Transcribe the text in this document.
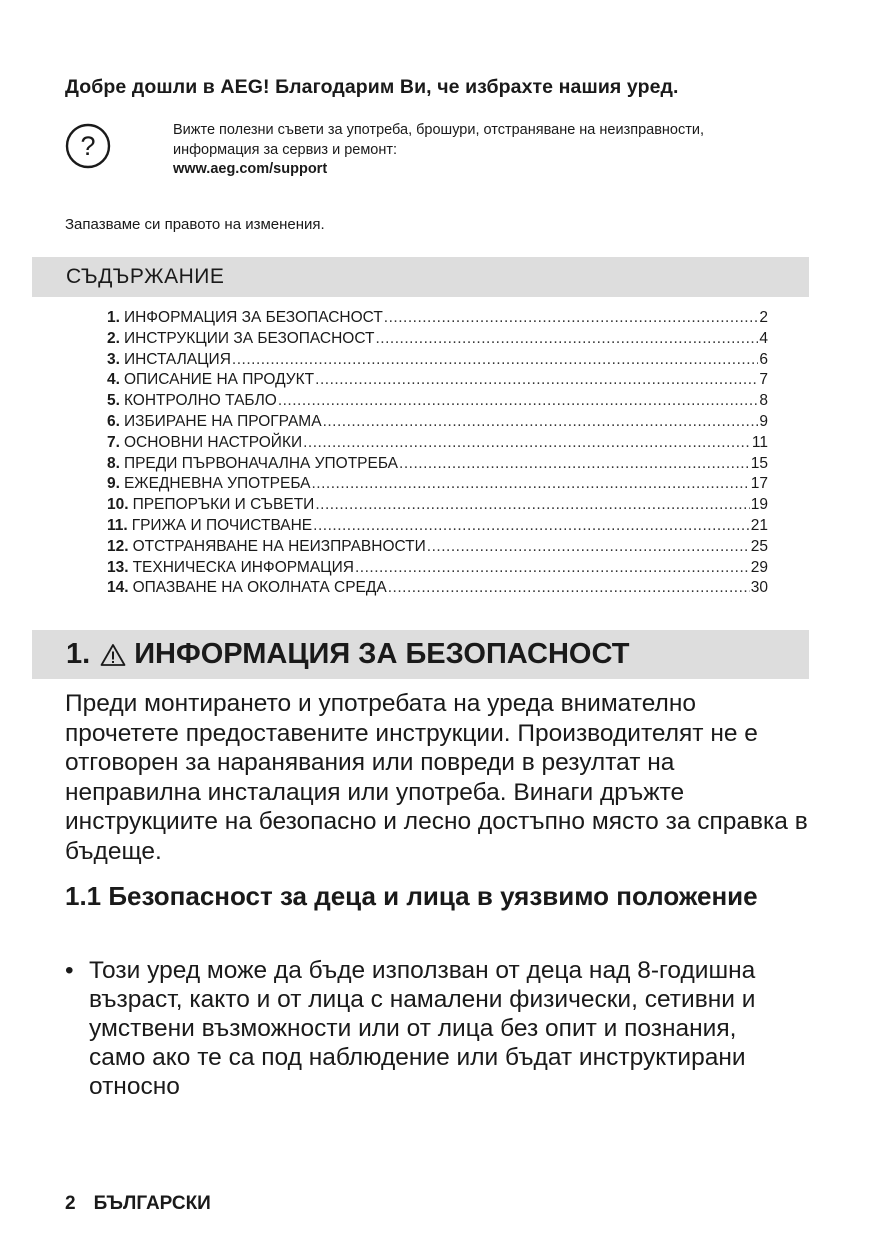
Добре дошли в AEG! Благодарим Ви, че избрахте нашия уред.
?
Вижте полезни съвети за употреба, брошури, отстраняване на неизправности,
информация за сервиз и ремонт:
www.aeg.com/support

Запазваме си правото на изменения.

СЪДЪРЖАНИЕ
1. ИНФОРМАЦИЯ ЗА БЕЗОПАСНОСТ .....	2
2. ИНСТРУКЦИИ ЗА БЕЗОПАСНОСТ .....	4
3. ИНСТАЛАЦИЯ .....	6
4. ОПИСАНИЕ НА ПРОДУКТ .....	7
5. КОНТРОЛНО ТАБЛО .....	8
6. ИЗБИРАНЕ НА ПРОГРАМА .....	9
7. ОСНОВНИ НАСТРОЙКИ .....	11
8. ПРЕДИ ПЪРВОНАЧАЛНА УПОТРЕБА .....	15
9. ЕЖЕДНЕВНА УПОТРЕБА .....	17
10. ПРЕПОРЪКИ И СЪВЕТИ .....	19
11. ГРИЖА И ПОЧИСТВАНЕ .....	21
12. ОТСТРАНЯВАНЕ НА НЕИЗПРАВНОСТИ .....	25
13. ТЕХНИЧЕСКА ИНФОРМАЦИЯ .....	29
14. ОПАЗВАНЕ НА ОКОЛНАТА СРЕДА .....	30
1. ИНФОРМАЦИЯ ЗА БЕЗОПАСНОСТ

Преди монтирането и употребата на уреда внимателно прочетете предоставените инструкции. Производителят не е отговорен за наранявания или повреди в резултат на неправилна инсталация или употреба. Винаги дръжте инструкциите на безопасно и лесно достъпно място за справка в бъдеще.

1.1 Безопасност за деца и лица в уязвимо положение
• Този уред може да бъде използван от деца над 8-годишна възраст, както и от лица с намалени физически, сетивни и умствени възможности или от лица без опит и познания, само ако те са под наблюдение или бъдат инструктирани относно
2 БЪЛГАРСКИ
